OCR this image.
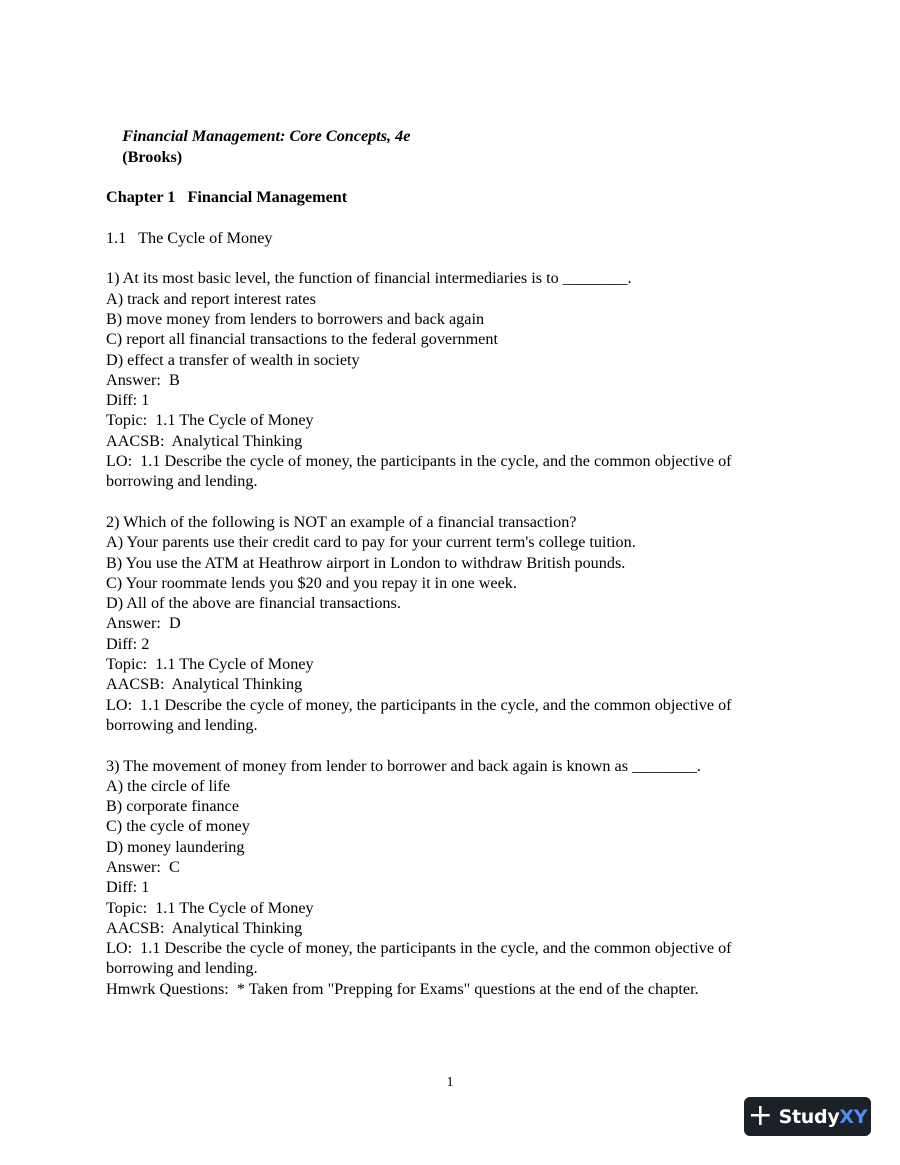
Financial Management: Core Concepts, 4e
(Brooks)

Chapter 1   Financial Management
1.1   The Cycle of Money
1) At its most basic level, the function of financial intermediaries is to ________.
A) track and report interest rates
B) move money from lenders to borrowers and back again
C) report all financial transactions to the federal government
D) effect a transfer of wealth in society
Answer:  B
Diff: 1
Topic:  1.1 The Cycle of Money
AACSB:  Analytical Thinking
LO:  1.1 Describe the cycle of money, the participants in the cycle, and the common objective of
borrowing and lending.
2) Which of the following is NOT an example of a financial transaction?
A) Your parents use their credit card to pay for your current term's college tuition.
B) You use the ATM at Heathrow airport in London to withdraw British pounds.
C) Your roommate lends you $20 and you repay it in one week.
D) All of the above are financial transactions.
Answer:  D
Diff: 2
Topic:  1.1 The Cycle of Money
AACSB:  Analytical Thinking
LO:  1.1 Describe the cycle of money, the participants in the cycle, and the common objective of
borrowing and lending.
3) The movement of money from lender to borrower and back again is known as ________.
A) the circle of life
B) corporate finance
C) the cycle of money
D) money laundering
Answer:  C
Diff: 1
Topic:  1.1 The Cycle of Money
AACSB:  Analytical Thinking
LO:  1.1 Describe the cycle of money, the participants in the cycle, and the common objective of
borrowing and lending.
Hmwrk Questions:  * Taken from "Prepping for Exams" questions at the end of the chapter.
1
+ StudyXY
